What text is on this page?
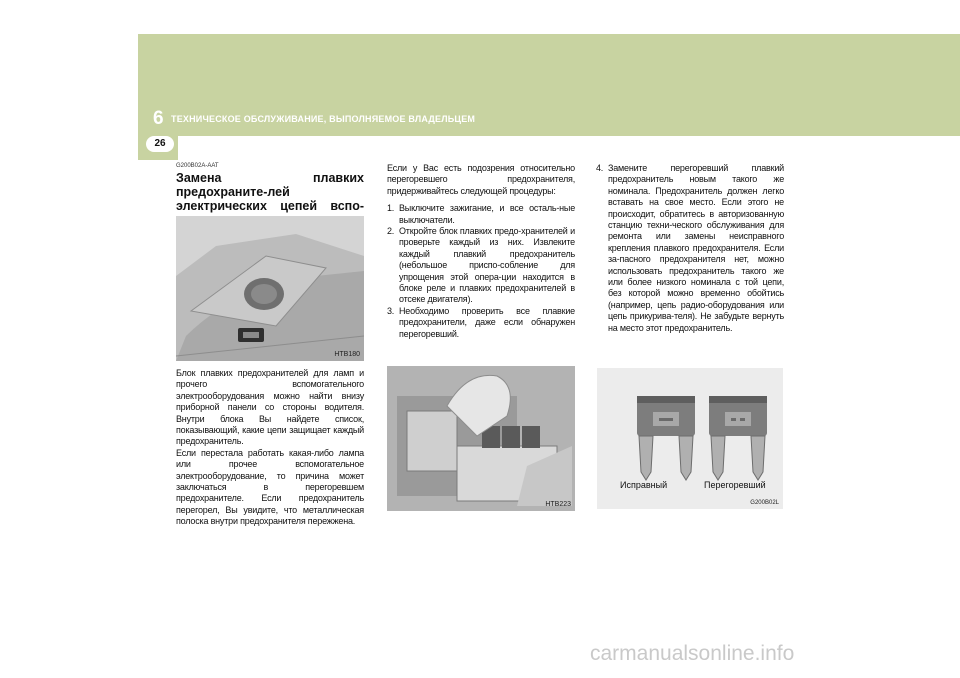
6 ТЕХНИЧЕСКОЕ ОБСЛУЖИВАНИЕ, ВЫПОЛНЯЕМОЕ ВЛАДЕЛЬЦЕМ
26
G200B02A-AAT
Замена плавких предохраните-лей электрических цепей вспо-
HTB180
Блок плавких предохранителей для ламп и прочего вспомогательного электрооборудования можно найти внизу приборной панели со стороны водителя. Внутри блока Вы найдете список, показывающий, какие цепи защищает каждый предохранитель.
Если перестала работать какая-либо лампа или прочее вспомогательное электрооборудование, то причина может заключаться в перегоревшем предохранителе. Если предохранитель перегорел, Вы увидите, что металлическая полоска внутри предохранителя пережжена.
Если у Вас есть подозрения относительно перегоревшего предохранителя, придерживайтесь следующей процедуры:
1. Выключите зажигание, и все осталь-ные выключатели.
2. Откройте блок плавких предо-хранителей и проверьте каждый из них. Извлеките каждый плавкий предохранитель (небольшое приспо-собление для упрощения этой опера-ции находится в блоке реле и плавких предохранителей в отсеке двигателя).
3. Необходимо проверить все плавкие предохранители, даже если обнаружен перегоревший.
HTB223
4. Замените перегоревший плавкий предохранитель новым такого же номинала. Предохранитель должен легко вставать на свое место. Если этого не происходит, обратитесь в авторизованную станцию техни-ческого обслуживания для ремонта или замены неисправного крепления плавкого предохранителя. Если за-пасного предохранителя нет, можно использовать предохранитель такого же или более низкого номинала с той цепи, без которой можно временно обойтись (например, цепь радио-оборудования или цепь прикурива-теля). Не забудьте вернуть на место этот предохранитель.
Исправный	Перегоревший
G200B02L
carmanualsonline.info
